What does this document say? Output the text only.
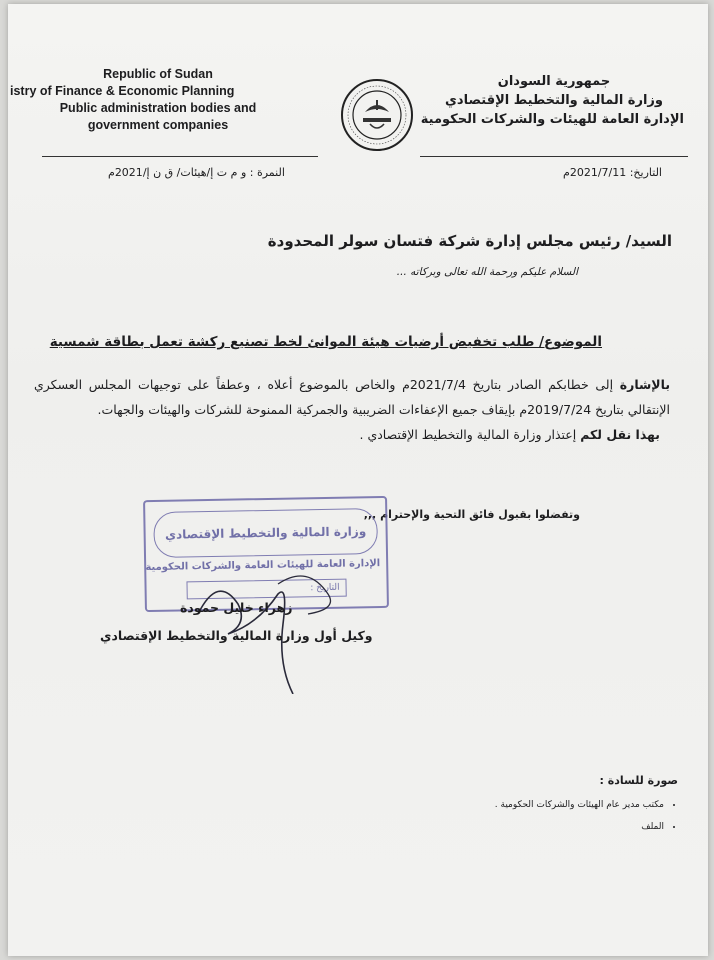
Republic of Sudan
istry of Finance & Economic Planning
Public administration bodies and
government companies
جمهورية السودان
وزارة المالية والتخطيط الإقتصادي
الإدارة العامة للهيئات والشركات الحكومية
النمرة : و م ت إ/هيئات/ ق ن إ/2021م	التاريخ: 2021/7/11م
السيد/ رئيس مجلس إدارة شركة فتسان سولر المحدودة
السلام عليكم ورحمة الله تعالى وبركاته ...
الموضوع/ طلب تخفيض أرضيات هيئة الموانئ لخط تصنيع ركشة تعمل بطاقة شمسية
بالإشارة إلى خطابكم الصادر بتاريخ 2021/7/4م والخاص بالموضوع أعلاه ، وعطفاً على توجيهات المجلس العسكري الإنتقالي بتاريخ 2019/7/24م بإيقاف جميع الإعفاءات الضريبية والجمركية الممنوحة للشركات والهيئات والجهات.
بهذا نقل لكم إعتذار وزارة المالية والتخطيط الإقتصادي .
وتفضلوا بقبول فائق التحية والإحترام ,,,
وزارة المالية والتخطيط الإقتصادي
الإدارة العامة للهيئات العامة والشركات الحكومية
التاريخ :
زهراء خليل حمودة
وكيل أول وزارة المالية والتخطيط الإقتصادي
صورة للسادة :
• مكتب مدير عام الهيئات والشركات الحكومية .
• الملف
